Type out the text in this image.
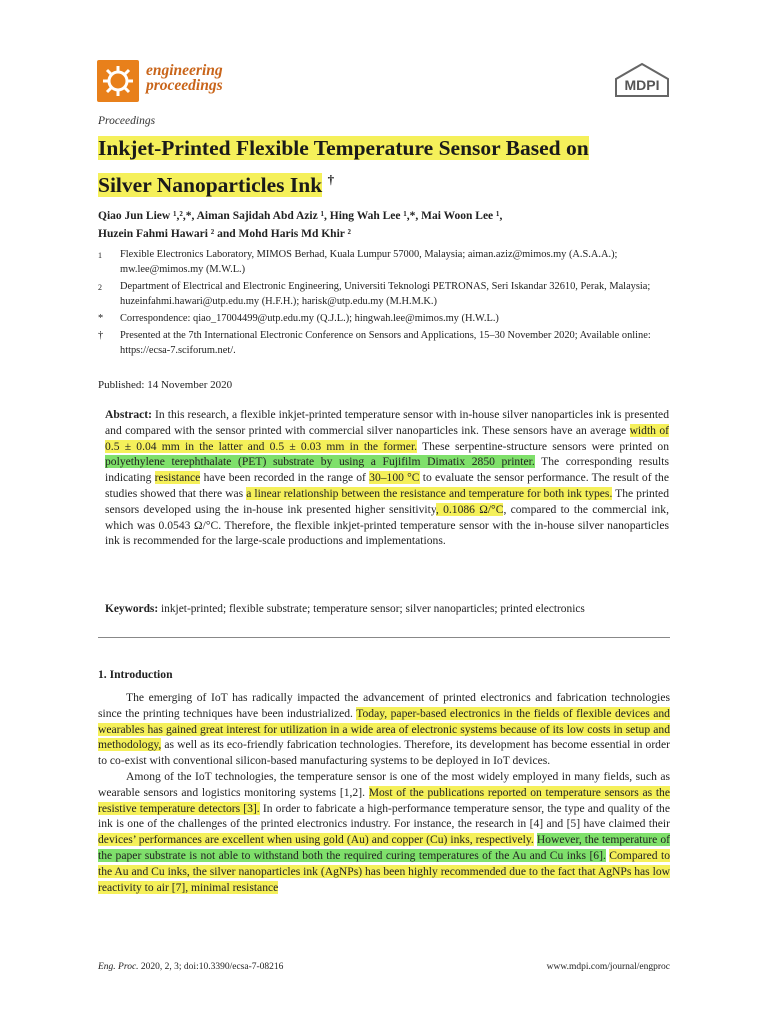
engineering
proceedings	MDPI
Proceedings
Inkjet-Printed Flexible Temperature Sensor Based on
Silver Nanoparticles Ink †
Qiao Jun Liew ¹,²,*, Aiman Sajidah Abd Aziz ¹, Hing Wah Lee ¹,*, Mai Woon Lee ¹,
Huzein Fahmi Hawari ² and Mohd Haris Md Khir ²
1	Flexible Electronics Laboratory, MIMOS Berhad, Kuala Lumpur 57000, Malaysia; aiman.aziz@mimos.my (A.S.A.A.); mw.lee@mimos.my (M.W.L.)
2	Department of Electrical and Electronic Engineering, Universiti Teknologi PETRONAS, Seri Iskandar 32610, Perak, Malaysia; huzeinfahmi.hawari@utp.edu.my (H.F.H.); harisk@utp.edu.my (M.H.M.K.)
*	Correspondence: qiao_17004499@utp.edu.my (Q.J.L.); hingwah.lee@mimos.my (H.W.L.)
†	Presented at the 7th International Electronic Conference on Sensors and Applications, 15–30 November 2020; Available online: https://ecsa-7.sciforum.net/.
Published: 14 November 2020
Abstract: In this research, a flexible inkjet-printed temperature sensor with in-house silver nanoparticles ink is presented and compared with the sensor printed with commercial silver nanoparticles ink. These sensors have an average width of 0.5 ± 0.04 mm in the latter and 0.5 ± 0.03 mm in the former. These serpentine-structure sensors were printed on polyethylene terephthalate (PET) substrate by using a Fujifilm Dimatix 2850 printer. The corresponding results indicating resistance have been recorded in the range of 30–100 °C to evaluate the sensor performance. The result of the studies showed that there was a linear relationship between the resistance and temperature for both ink types. The printed sensors developed using the in-house ink presented higher sensitivity, 0.1086 Ω/°C, compared to the commercial ink, which was 0.0543 Ω/°C. Therefore, the flexible inkjet-printed temperature sensor with the in-house silver nanoparticles ink is recommended for the large-scale productions and implementations.
Keywords: inkjet-printed; flexible substrate; temperature sensor; silver nanoparticles; printed electronics
1. Introduction

The emerging of IoT has radically impacted the advancement of printed electronics and fabrication technologies since the printing techniques have been industrialized. Today, paper-based electronics in the fields of flexible devices and wearables has gained great interest for utilization in a wide area of electronic systems because of its low costs in setup and methodology, as well as its eco-friendly fabrication technologies. Therefore, its development has become essential in order to co-exist with conventional silicon-based manufacturing systems to be deployed in IoT devices.

Among of the IoT technologies, the temperature sensor is one of the most widely employed in many fields, such as wearable sensors and logistics monitoring systems [1,2]. Most of the publications reported on temperature sensors as the resistive temperature detectors [3]. In order to fabricate a high-performance temperature sensor, the type and quality of the ink is one of the challenges of the printed electronics industry. For instance, the research in [4] and [5] have claimed their devices’ performances are excellent when using gold (Au) and copper (Cu) inks, respectively. However, the temperature of the paper substrate is not able to withstand both the required curing temperatures of the Au and Cu inks [6]. Compared to the Au and Cu inks, the silver nanoparticles ink (AgNPs) has been highly recommended due to the fact that AgNPs has low reactivity to air [7], minimal resistance

Eng. Proc. 2020, 2, 3; doi:10.3390/ecsa-7-08216	www.mdpi.com/journal/engproc
